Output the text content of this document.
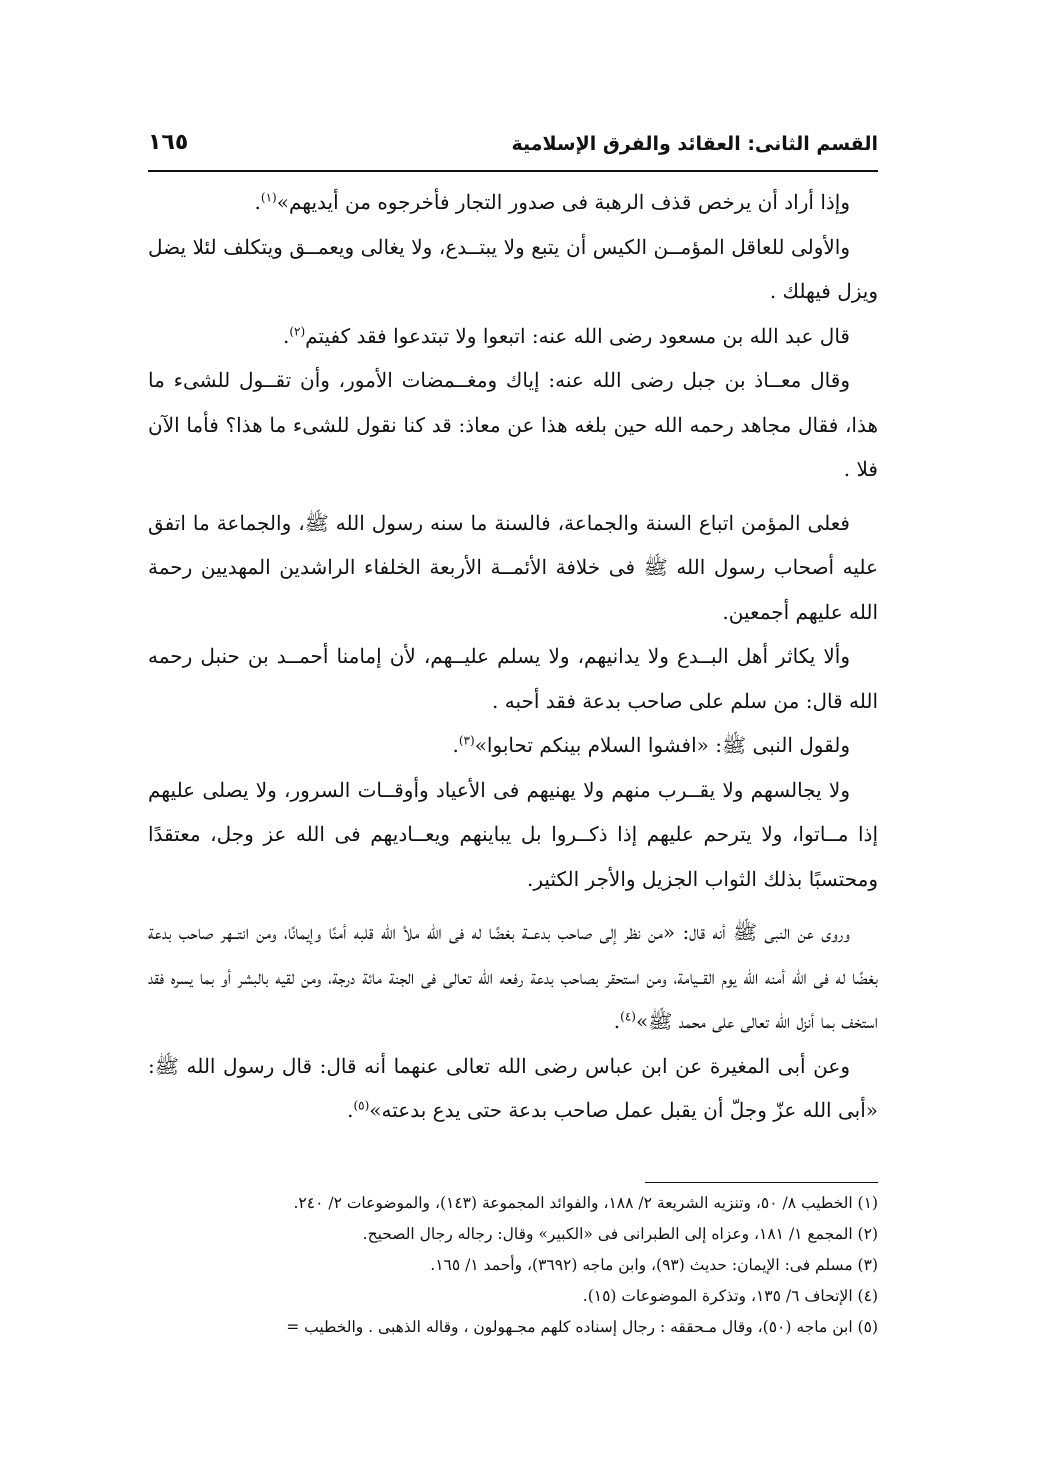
القسم الثانى: العقائد والفرق الإسلامية
١٦٥

وإذا أراد أن يرخص قذف الرهبة فى صدور التجار فأخرجوه من أيديهم»$^{(١)}$.

والأولى للعاقل المؤمــن الكيس أن يتبع ولا يبتــدع، ولا يغالى ويعمــق ويتكلف لئلا يضل ويزل فيهلك .

قال عبد الله بن مسعود رضى الله عنه: اتبعوا ولا تبتدعوا فقد كفيتم$^{(٢)}$.

وقال معــاذ بن جبل رضى الله عنه: إياك ومغــمضات الأمور، وأن تقــول للشىء ما هذا، فقال مجاهد رحمه الله حين بلغه هذا عن معاذ: قد كنا نقول للشىء ما هذا؟ فأما الآن فلا .

فعلى المؤمن اتباع السنة والجماعة، فالسنة ما سنه رسول الله ﷺ، والجماعة ما اتفق عليه أصحاب رسول الله ﷺ فى خلافة الأئمــة الأربعة الخلفاء الراشدين المهديين رحمة الله عليهم أجمعين.

وألا يكاثر أهل البــدع ولا يدانيهم، ولا يسلم عليــهم، لأن إمامنا أحمــد بن حنبل رحمه الله قال: من سلم على صاحب بدعة فقد أحبه .

ولقول النبى ﷺ: «افشوا السلام بينكم تحابوا»$^{(٣)}$.

ولا يجالسهم ولا يقــرب منهم ولا يهنيهم فى الأعياد وأوقــات السرور، ولا يصلى عليهم إذا مــاتوا، ولا يترحم عليهم إذا ذكــروا بل يباينهم ويعــاديهم فى الله عز وجل، معتقدًا ومحتسبًا بذلك الثواب الجزيل والأجر الكثير.

وروى عن النبى ﷺ أنه قال: «من نظر إلى صاحب بدعــة بغضًا له فى الله ملأ الله قلبه أمنًا وإيمانًا، ومن انتــهر صاحب بدعة بغضًا له فى الله أمنه الله يوم القــيامة، ومن استحقر بصاحب بدعة رفعه الله تعالى فى الجنة مائة درجة، ومن لقيه بالبشر أو بما يسره فقد استخف بما أنزل الله تعالى على محمد ﷺ»$^{(٤)}$.

وعن أبى المغيرة عن ابن عباس رضى الله تعالى عنهما أنه قال: قال رسول الله ﷺ: «أبى الله عزّ وجلّ أن يقبل عمل صاحب بدعة حتى يدع بدعته»$^{(٥)}$.

(١) الخطيب ٨/ ٥٠، وتنزيه الشريعة ٢/ ١٨٨، والفوائد المجموعة (١٤٣)، والموضوعات ٢/ ٢٤٠.

(٢) المجمع ١/ ١٨١، وعزاه إلى الطبرانى فى «الكبير» وقال: رجاله رجال الصحيح.

(٣) مسلم فى: الإيمان: حديث (٩٣)، وابن ماجه (٣٦٩٢)، وأحمد ١/ ١٦٥.

(٤) الإتحاف ٦/ ١٣٥، وتذكرة الموضوعات (١٥).

(٥) ابن ماجه (٥٠)، وقال مـحققه : رجال إسناده كلهم مجـهولون ، وقاله الذهبى . والخطيب =
